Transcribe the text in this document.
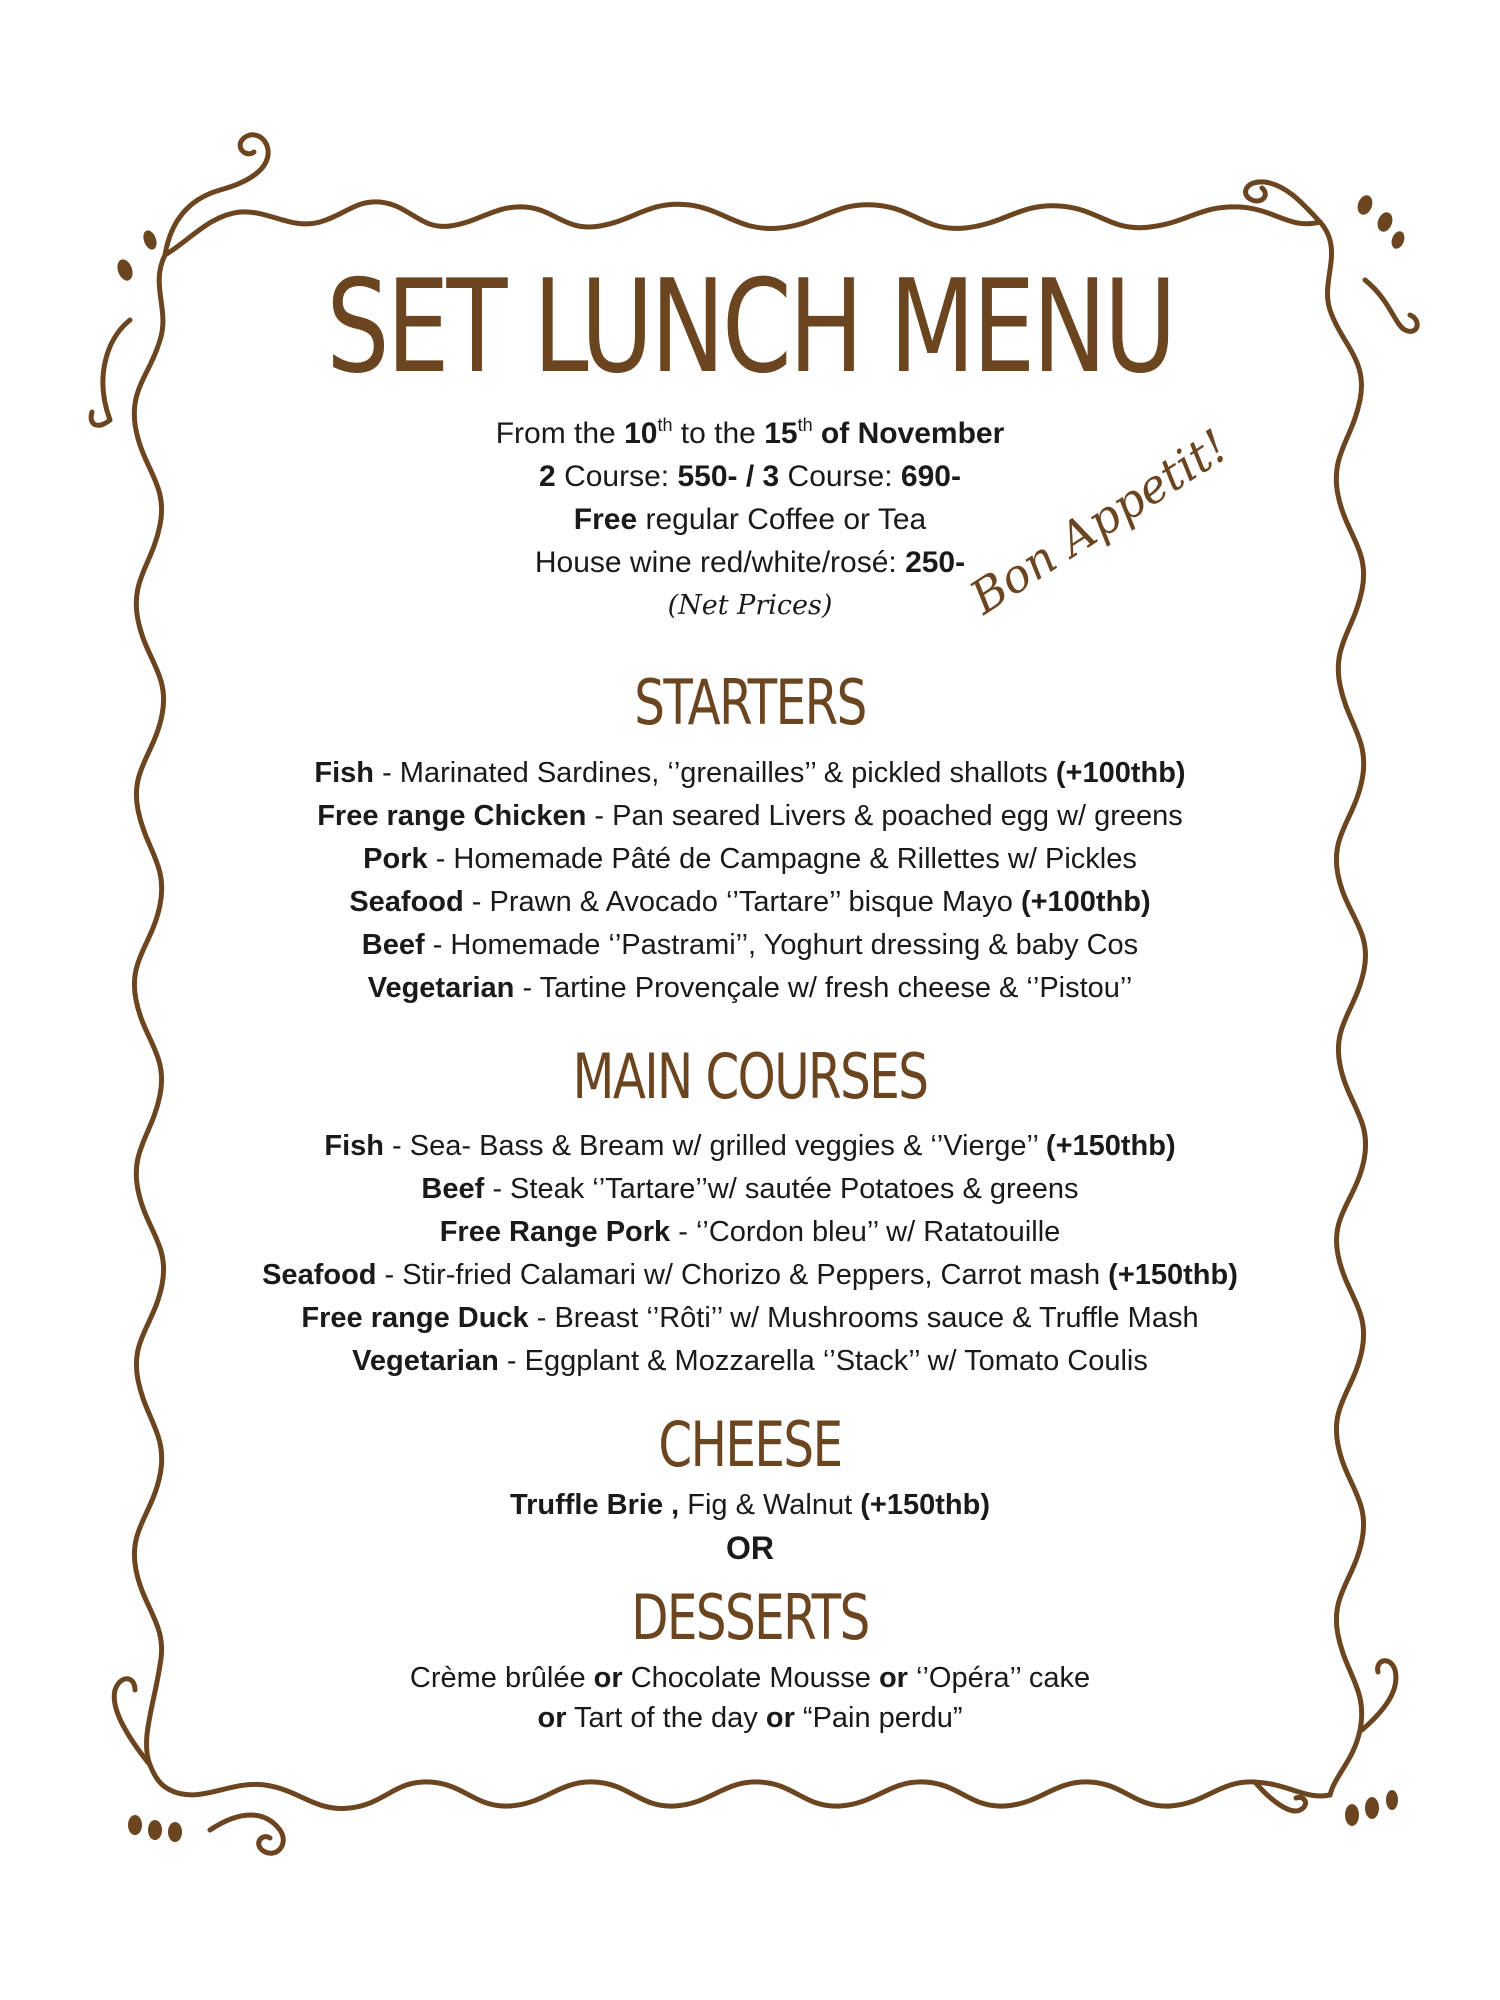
SET LUNCH MENU
From the 10th to the 15th of November
2 Course: 550- / 3 Course: 690-
Free regular Coffee or Tea
House wine red/white/rosé: 250-
(Net Prices)
STARTERS
Fish - Marinated Sardines, ‘’grenailles’’ & pickled shallots (+100thb)
Free range Chicken - Pan seared Livers & poached egg w/ greens
Pork - Homemade Pâté de Campagne & Rillettes w/ Pickles
Seafood - Prawn & Avocado ‘’Tartare’’ bisque Mayo (+100thb)
Beef - Homemade ‘’Pastrami’’, Yoghurt dressing & baby Cos
Vegetarian - Tartine Provençale w/ fresh cheese & ‘’Pistou’’
MAIN COURSES
Fish - Sea- Bass & Bream w/ grilled veggies & ‘’Vierge’’ (+150thb)
Beef - Steak ‘’Tartare’’w/ sautée Potatoes & greens
Free Range Pork - ‘’Cordon bleu’’ w/ Ratatouille
Seafood - Stir-fried Calamari w/ Chorizo & Peppers, Carrot mash (+150thb)
Free range Duck - Breast ‘’Rôti’’ w/ Mushrooms sauce & Truffle Mash
Vegetarian - Eggplant & Mozzarella ‘’Stack’’ w/ Tomato Coulis
CHEESE
Truffle Brie , Fig & Walnut (+150thb)
OR
DESSERTS
Crème brûlée or Chocolate Mousse or ‘’Opéra’’ cake
or Tart of the day or “Pain perdu”
Bon Appetit!
